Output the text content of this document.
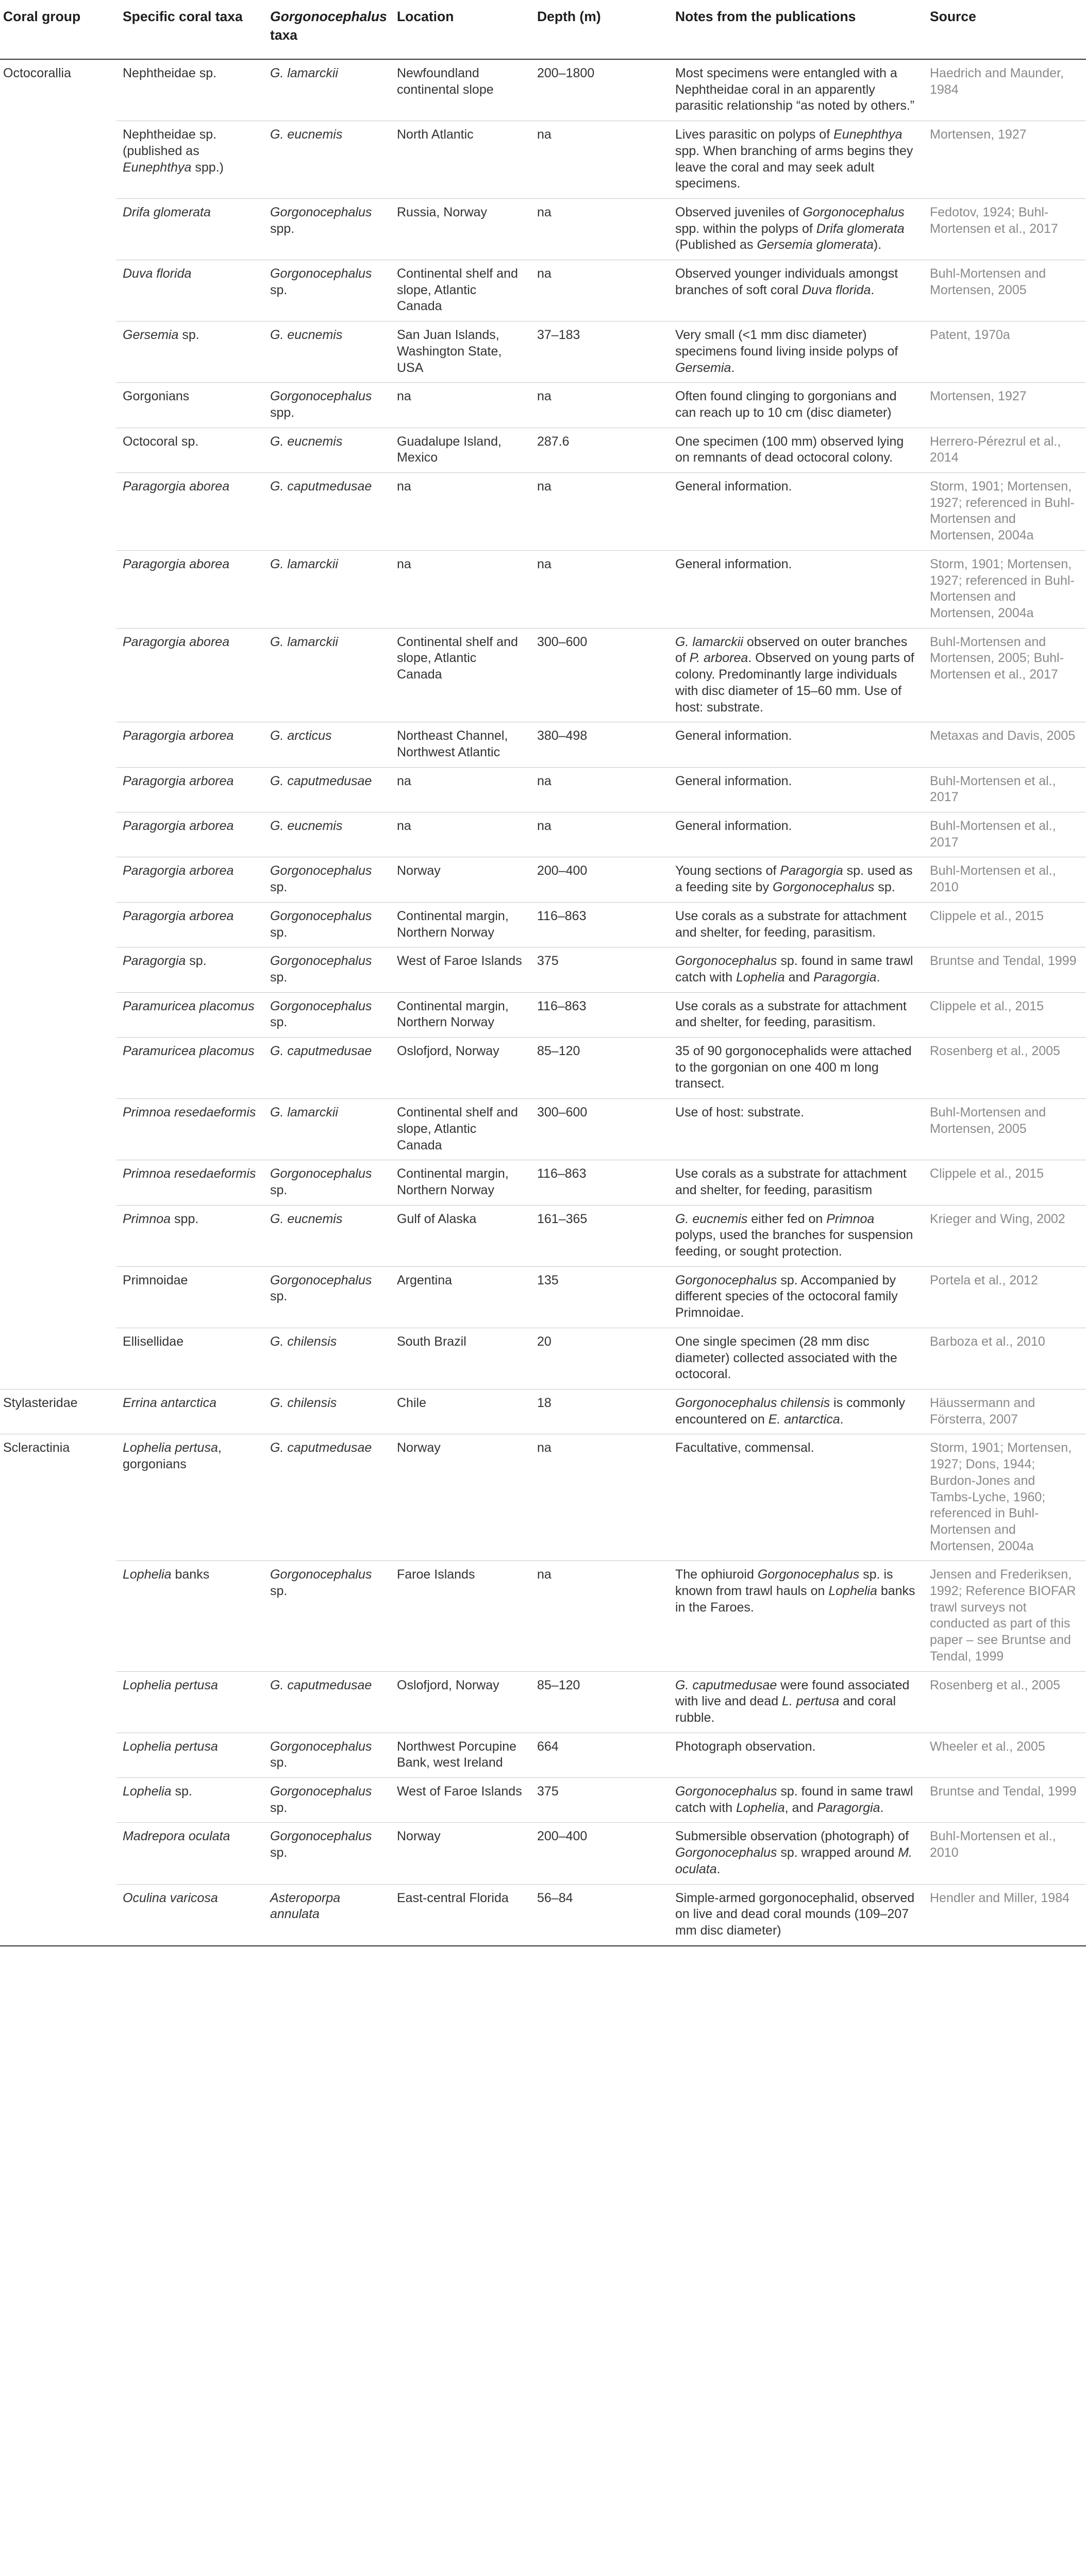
Coral group	Specific coral taxa	Gorgonocephalus taxa	Location	Depth (m)	Notes from the publications	Source
Octocorallia	Nephtheidae sp.	G. lamarckii	Newfoundland continental slope	200–1800	Most specimens were entangled with a Nephtheidae coral in an apparently parasitic relationship “as noted by others.”	Haedrich and Maunder, 1984
	Nephtheidae sp. (published as Eunephthya spp.)	G. eucnemis	North Atlantic	na	Lives parasitic on polyps of Eunephthya spp. When branching of arms begins they leave the coral and may seek adult specimens.	Mortensen, 1927
	Drifa glomerata	Gorgonocephalus spp.	Russia, Norway	na	Observed juveniles of Gorgonocephalus spp. within the polyps of Drifa glomerata (Published as Gersemia glomerata).	Fedotov, 1924; Buhl-Mortensen et al., 2017
	Duva florida	Gorgonocephalus sp.	Continental shelf and slope, Atlantic Canada	na	Observed younger individuals amongst branches of soft coral Duva florida.	Buhl-Mortensen and Mortensen, 2005
	Gersemia sp.	G. eucnemis	San Juan Islands, Washington State, USA	37–183	Very small (<1 mm disc diameter) specimens found living inside polyps of Gersemia.	Patent, 1970a
	Gorgonians	Gorgonocephalus spp.	na	na	Often found clinging to gorgonians and can reach up to 10 cm (disc diameter)	Mortensen, 1927
	Octocoral sp.	G. eucnemis	Guadalupe Island, Mexico	287.6	One specimen (100 mm) observed lying on remnants of dead octocoral colony.	Herrero-Pérezrul et al., 2014
	Paragorgia aborea	G. caputmedusae	na	na	General information.	Storm, 1901; Mortensen, 1927; referenced in Buhl-Mortensen and Mortensen, 2004a
	Paragorgia aborea	G. lamarckii	na	na	General information.	Storm, 1901; Mortensen, 1927; referenced in Buhl-Mortensen and Mortensen, 2004a
	Paragorgia aborea	G. lamarckii	Continental shelf and slope, Atlantic Canada	300–600	G. lamarckii observed on outer branches of P. arborea. Observed on young parts of colony. Predominantly large individuals with disc diameter of 15–60 mm. Use of host: substrate.	Buhl-Mortensen and Mortensen, 2005; Buhl-Mortensen et al., 2017
	Paragorgia arborea	G. arcticus	Northeast Channel, Northwest Atlantic	380–498	General information.	Metaxas and Davis, 2005
	Paragorgia arborea	G. caputmedusae	na	na	General information.	Buhl-Mortensen et al., 2017
	Paragorgia arborea	G. eucnemis	na	na	General information.	Buhl-Mortensen et al., 2017
	Paragorgia arborea	Gorgonocephalus sp.	Norway	200–400	Young sections of Paragorgia sp. used as a feeding site by Gorgonocephalus sp.	Buhl-Mortensen et al., 2010
	Paragorgia arborea	Gorgonocephalus sp.	Continental margin, Northern Norway	116–863	Use corals as a substrate for attachment and shelter, for feeding, parasitism.	Clippele et al., 2015
	Paragorgia sp.	Gorgonocephalus sp.	West of Faroe Islands	375	Gorgonocephalus sp. found in same trawl catch with Lophelia and Paragorgia.	Bruntse and Tendal, 1999
	Paramuricea placomus	Gorgonocephalus sp.	Continental margin, Northern Norway	116–863	Use corals as a substrate for attachment and shelter, for feeding, parasitism.	Clippele et al., 2015
	Paramuricea placomus	G. caputmedusae	Oslofjord, Norway	85–120	35 of 90 gorgonocephalids were attached to the gorgonian on one 400 m long transect.	Rosenberg et al., 2005
	Primnoa resedaeformis	G. lamarckii	Continental shelf and slope, Atlantic Canada	300–600	Use of host: substrate.	Buhl-Mortensen and Mortensen, 2005
	Primnoa resedaeformis	Gorgonocephalus sp.	Continental margin, Northern Norway	116–863	Use corals as a substrate for attachment and shelter, for feeding, parasitism	Clippele et al., 2015
	Primnoa spp.	G. eucnemis	Gulf of Alaska	161–365	G. eucnemis either fed on Primnoa polyps, used the branches for suspension feeding, or sought protection.	Krieger and Wing, 2002
	Primnoidae	Gorgonocephalus sp.	Argentina	135	Gorgonocephalus sp. Accompanied by different species of the octocoral family Primnoidae.	Portela et al., 2012
	Ellisellidae	G. chilensis	South Brazil	20	One single specimen (28 mm disc diameter) collected associated with the octocoral.	Barboza et al., 2010
Stylasteridae	Errina antarctica	G. chilensis	Chile	18	Gorgonocephalus chilensis is commonly encountered on E. antarctica.	Häussermann and Försterra, 2007
Scleractinia	Lophelia pertusa, gorgonians	G. caputmedusae	Norway	na	Facultative, commensal.	Storm, 1901; Mortensen, 1927; Dons, 1944; Burdon-Jones and Tambs-Lyche, 1960; referenced in Buhl-Mortensen and Mortensen, 2004a
	Lophelia banks	Gorgonocephalus sp.	Faroe Islands	na	The ophiuroid Gorgonocephalus sp. is known from trawl hauls on Lophelia banks in the Faroes.	Jensen and Frederiksen, 1992; Reference BIOFAR trawl surveys not conducted as part of this paper – see Bruntse and Tendal, 1999
	Lophelia pertusa	G. caputmedusae	Oslofjord, Norway	85–120	G. caputmedusae were found associated with live and dead L. pertusa and coral rubble.	Rosenberg et al., 2005
	Lophelia pertusa	Gorgonocephalus sp.	Northwest Porcupine Bank, west Ireland	664	Photograph observation.	Wheeler et al., 2005
	Lophelia sp.	Gorgonocephalus sp.	West of Faroe Islands	375	Gorgonocephalus sp. found in same trawl catch with Lophelia, and Paragorgia.	Bruntse and Tendal, 1999
	Madrepora oculata	Gorgonocephalus sp.	Norway	200–400	Submersible observation (photograph) of Gorgonocephalus sp. wrapped around M. oculata.	Buhl-Mortensen et al., 2010
	Oculina varicosa	Asteroporpa annulata	East-central Florida	56–84	Simple-armed gorgonocephalid, observed on live and dead coral mounds (109–207 mm disc diameter)	Hendler and Miller, 1984
